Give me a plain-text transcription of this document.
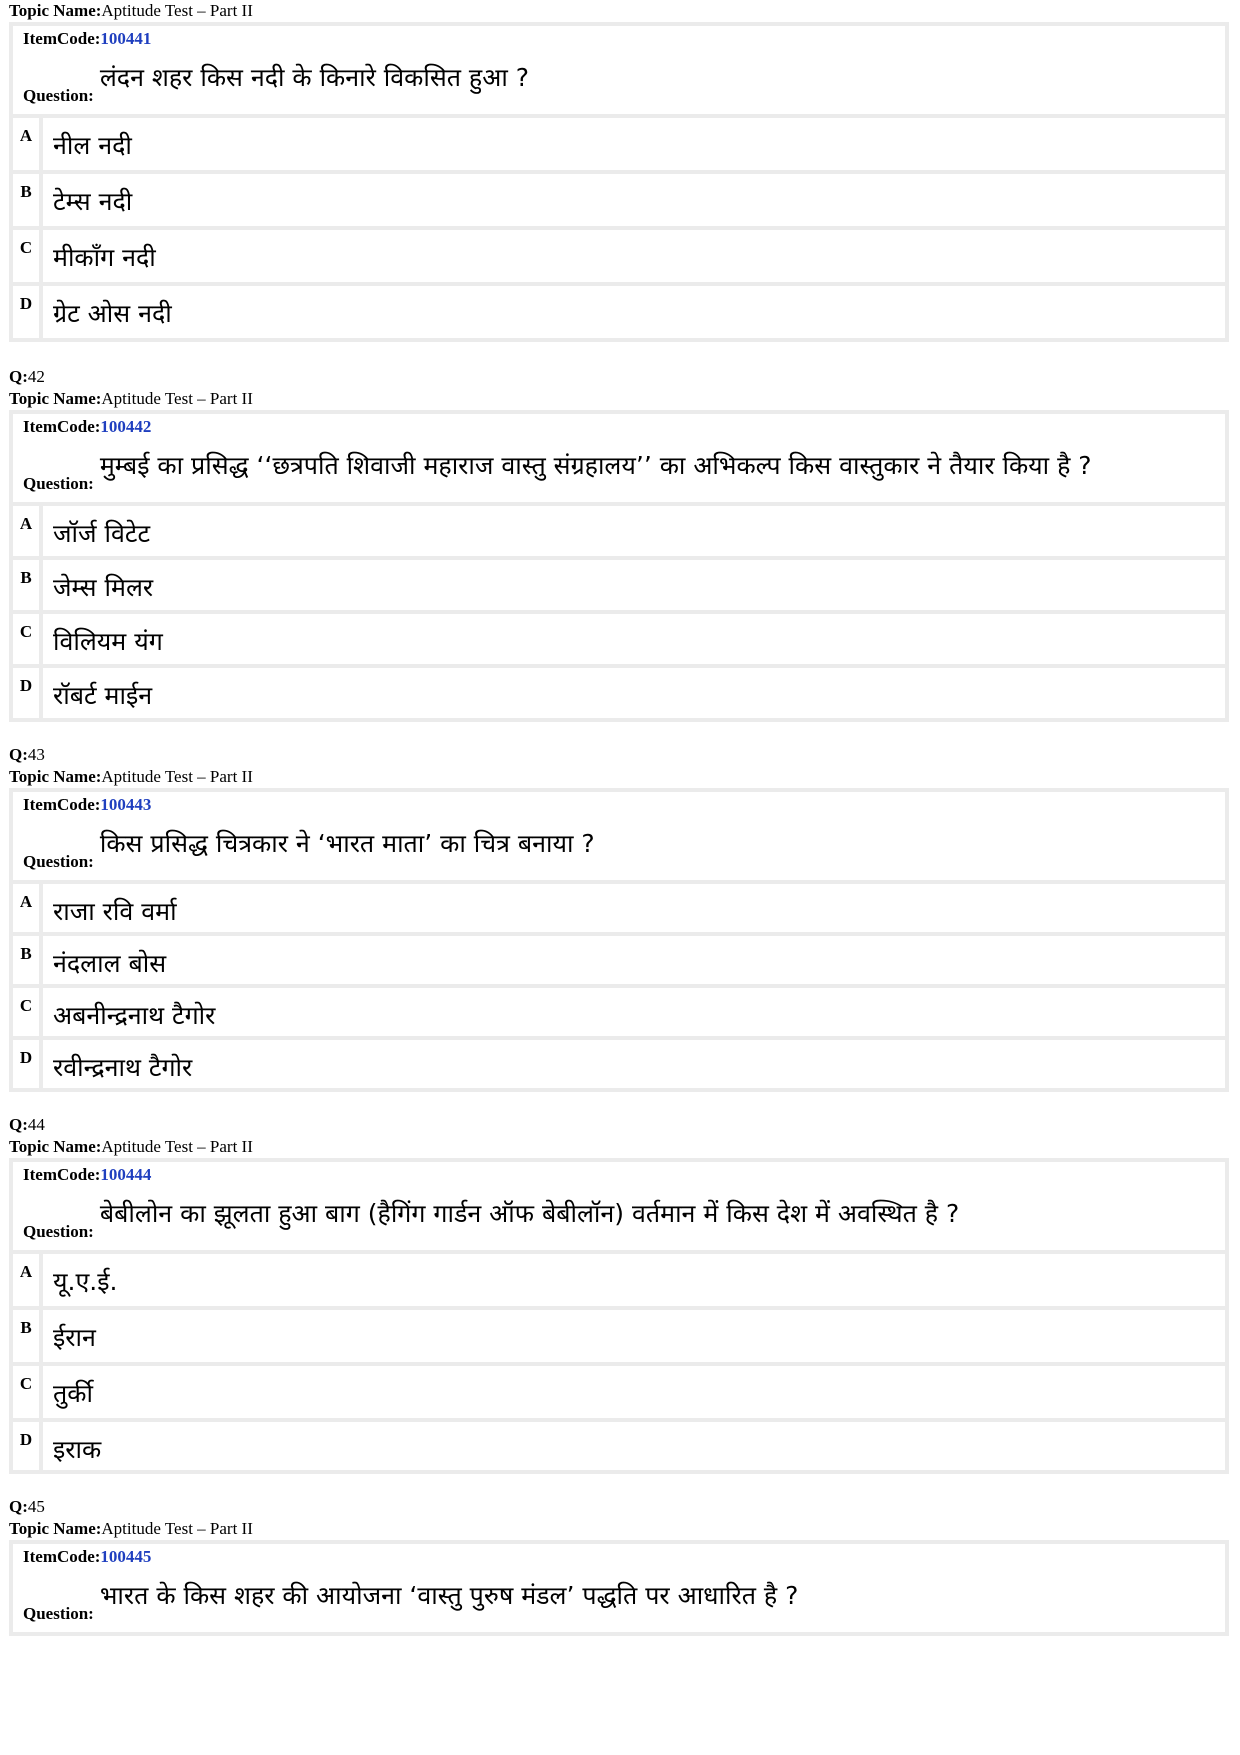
Topic Name:Aptitude Test – Part II
ItemCode:100441
Question:
लंदन शहर किस नदी के किनारे विकसित हुआ ?
A नील नदी
B टेम्स नदी
C मीकाँग नदी
D ग्रेट ओस नदी
Q:42
Topic Name:Aptitude Test – Part II
ItemCode:100442
Question:
मुम्बई का प्रसिद्ध ‘‘छत्रपति शिवाजी महाराज वास्तु संग्रहालय’’ का अभिकल्प किस वास्तुकार ने तैयार किया है ?
A जॉर्ज विटेट
B जेम्स मिलर
C विलियम यंग
D रॉबर्ट माईन
Q:43
Topic Name:Aptitude Test – Part II
ItemCode:100443
Question:
किस प्रसिद्ध चित्रकार ने ‘भारत माता’ का चित्र बनाया ?
A राजा रवि वर्मा
B नंदलाल बोस
C अबनीन्द्रनाथ टैगोर
D रवीन्द्रनाथ टैगोर
Q:44
Topic Name:Aptitude Test – Part II
ItemCode:100444
Question:
बेबीलोन का झूलता हुआ बाग (हैगिंग गार्डन ऑफ बेबीलॉन) वर्तमान में किस देश में अवस्थित है ?
A यू.ए.ई.
B ईरान
C तुर्की
D इराक
Q:45
Topic Name:Aptitude Test – Part II
ItemCode:100445
Question:
भारत के किस शहर की आयोजना ‘वास्तु पुरुष मंडल’ पद्धति पर आधारित है ?
